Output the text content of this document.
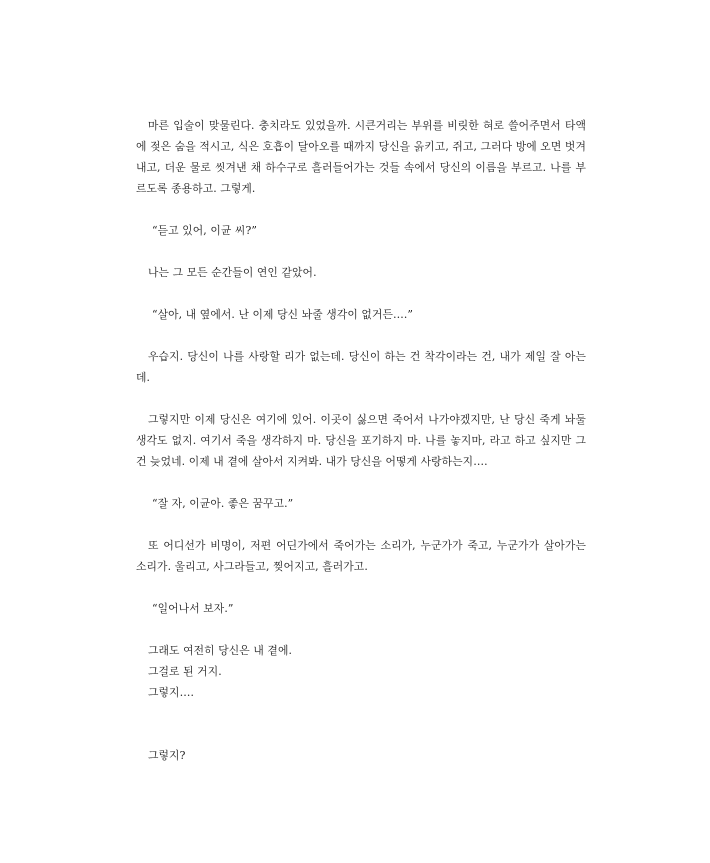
마른 입술이 맞물린다. 충치라도 있었을까. 시큰거리는 부위를 비릿한 혀로 쓸어주면서 타액에 젖은 숨을 적시고, 식은 호흡이 달아오를 때까지 당신을 옭키고, 쥐고, 그러다 방에 오면 벗겨내고, 더운 물로 씻겨낸 채 하수구로 흘러들어가는 것들 속에서 당신의 이름을 부르고. 나를 부르도록 종용하고. 그렇게.

“듣고 있어, 이균 씨?”

나는 그 모든 순간들이 연인 같았어.

“살아, 내 옆에서. 난 이제 당신 놔줄 생각이 없거든….”

우습지. 당신이 나를 사랑할 리가 없는데. 당신이 하는 건 착각이라는 건, 내가 제일 잘 아는데.

그렇지만 이제 당신은 여기에 있어. 이곳이 싫으면 죽어서 나가야겠지만, 난 당신 죽게 놔둘 생각도 없지. 여기서 죽을 생각하지 마. 당신을 포기하지 마. 나를 놓지마, 라고 하고 싶지만 그건 늦었네. 이제 내 곁에 살아서 지켜봐. 내가 당신을 어떻게 사랑하는지….

“잘 자, 이균아. 좋은 꿈꾸고.”

또 어디선가 비명이, 저편 어딘가에서 죽어가는 소리가, 누군가가 죽고, 누군가가 살아가는 소리가. 울리고, 사그라들고, 찢어지고, 흘러가고.

“일어나서 보자.”

그래도 여전히 당신은 내 곁에.

그걸로 된 거지.

그렇지….

그렇지?
